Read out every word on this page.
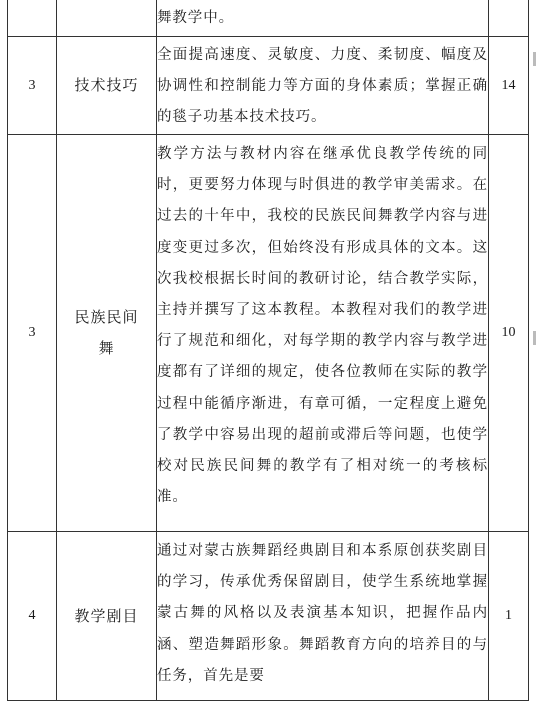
		舞教学中。	

3	技术技巧	全面提高速度、灵敏度、力度、柔韧度、幅度及协调性和控制能力等方面的身体素质；掌握正确的毯子功基本技术技巧。	14
3	民族民间舞	教学方法与教材内容在继承优良教学传统的同时，更要努力体现与时俱进的教学审美需求。在过去的十年中，我校的民族民间舞教学内容与进度变更过多次，但始终没有形成具体的文本。这次我校根据长时间的教研讨论，结合教学实际，主持并撰写了这本教程。本教程对我们的教学进行了规范和细化，对每学期的教学内容与教学进度都有了详细的规定，使各位教师在实际的教学过程中能循序渐进，有章可循，一定程度上避免了教学中容易出现的超前或滞后等问题，也使学校对民族民间舞的教学有了相对统一的考核标准。	10
4	教学剧目	通过对蒙古族舞蹈经典剧目和本系原创获奖剧目的学习，传承优秀保留剧目，使学生系统地掌握蒙古舞的风格以及表演基本知识，把握作品内涵、塑造舞蹈形象。舞蹈教育方向的培养目的与任务，首先是要	1
